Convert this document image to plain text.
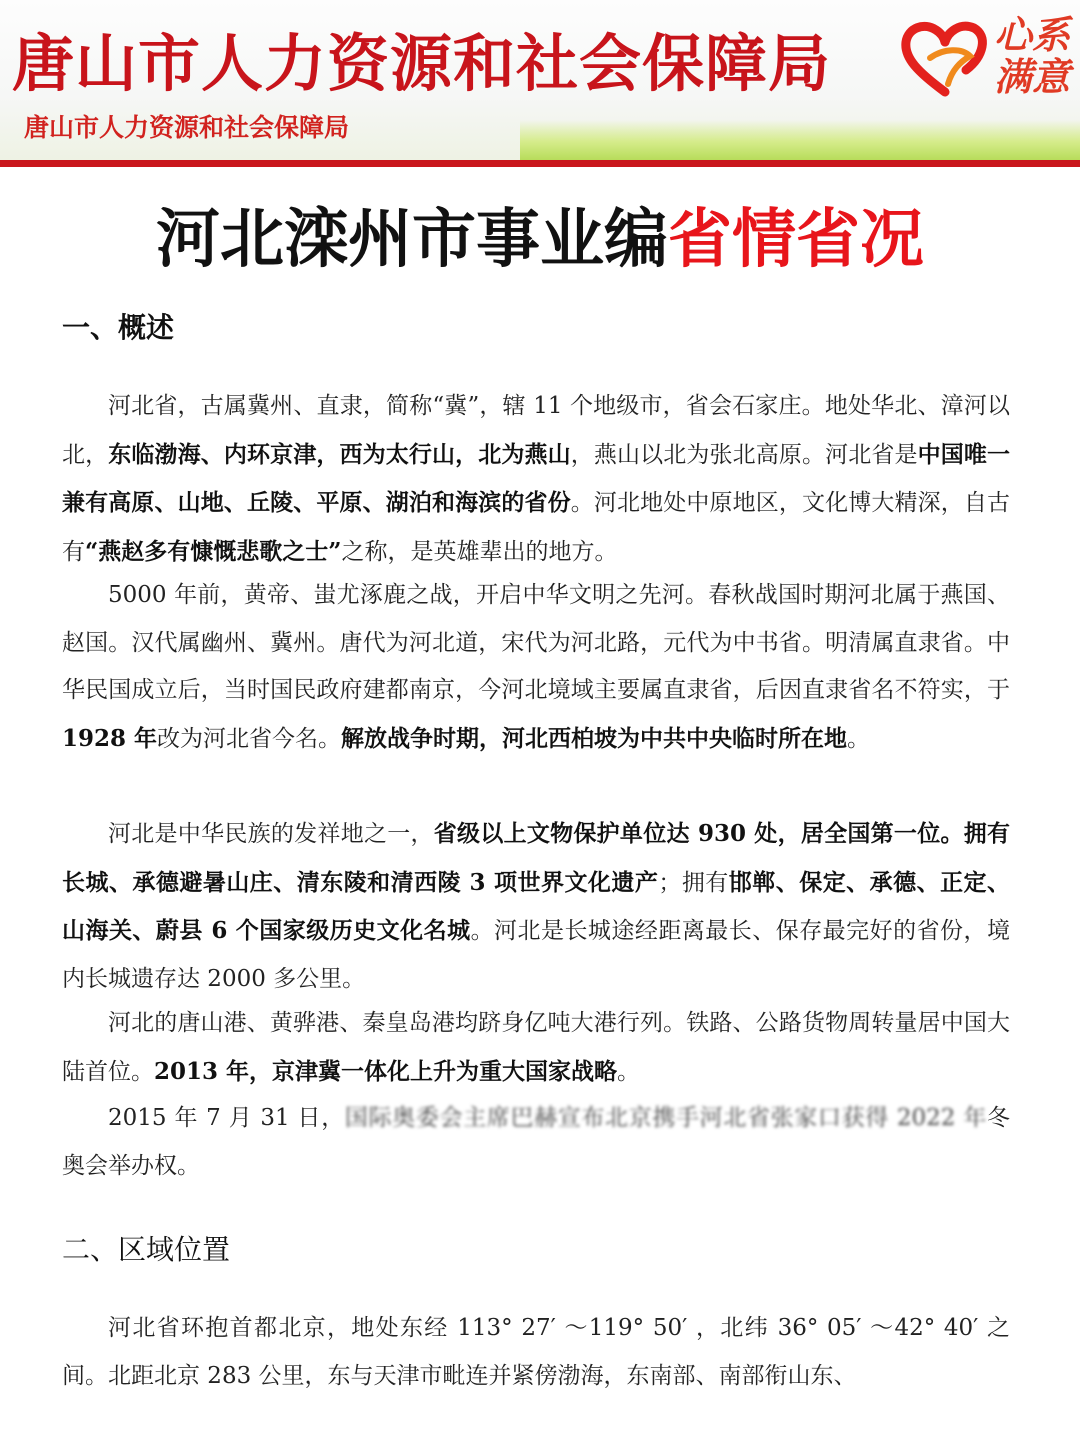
唐山市人力资源和社会保障局
唐山市人力资源和社会保障局
心系
满意
河北滦州市事业编省情省况
一、概述

河北省，古属冀州、直隶，简称“冀”，辖 11 个地级市，省会石家庄。地处华北、漳河以北，东临渤海、内环京津，西为太行山，北为燕山，燕山以北为张北高原。河北省是中国唯一兼有高原、山地、丘陵、平原、湖泊和海滨的省份。河北地处中原地区，文化博大精深，自古有“燕赵多有慷慨悲歌之士”之称，是英雄辈出的地方。

5000 年前，黄帝、蚩尤涿鹿之战，开启中华文明之先河。春秋战国时期河北属于燕国、赵国。汉代属幽州、冀州。唐代为河北道，宋代为河北路，元代为中书省。明清属直隶省。中华民国成立后，当时国民政府建都南京，今河北境域主要属直隶省，后因直隶省名不符实，于1928 年改为河北省今名。解放战争时期，河北西柏坡为中共中央临时所在地。

河北是中华民族的发祥地之一，省级以上文物保护单位达 930 处，居全国第一位。拥有长城、承德避暑山庄、清东陵和清西陵 3 项世界文化遗产；拥有邯郸、保定、承德、正定、山海关、蔚县 6 个国家级历史文化名城。河北是长城途经距离最长、保存最完好的省份，境内长城遗存达 2000 多公里。

河北的唐山港、黄骅港、秦皇岛港均跻身亿吨大港行列。铁路、公路货物周转量居中国大陆首位。2013 年，京津冀一体化上升为重大国家战略。

2015 年 7 月 31 日，国际奥委会主席巴赫宣布北京携手河北省张家口获得 2022 年冬奥会举办权。

二、区域位置

河北省环抱首都北京，地处东经 113° 27′ ～119° 50′ ，北纬 36° 05′ ～42° 40′ 之间。北距北京 283 公里，东与天津市毗连并紧傍渤海，东南部、南部衔山东、
